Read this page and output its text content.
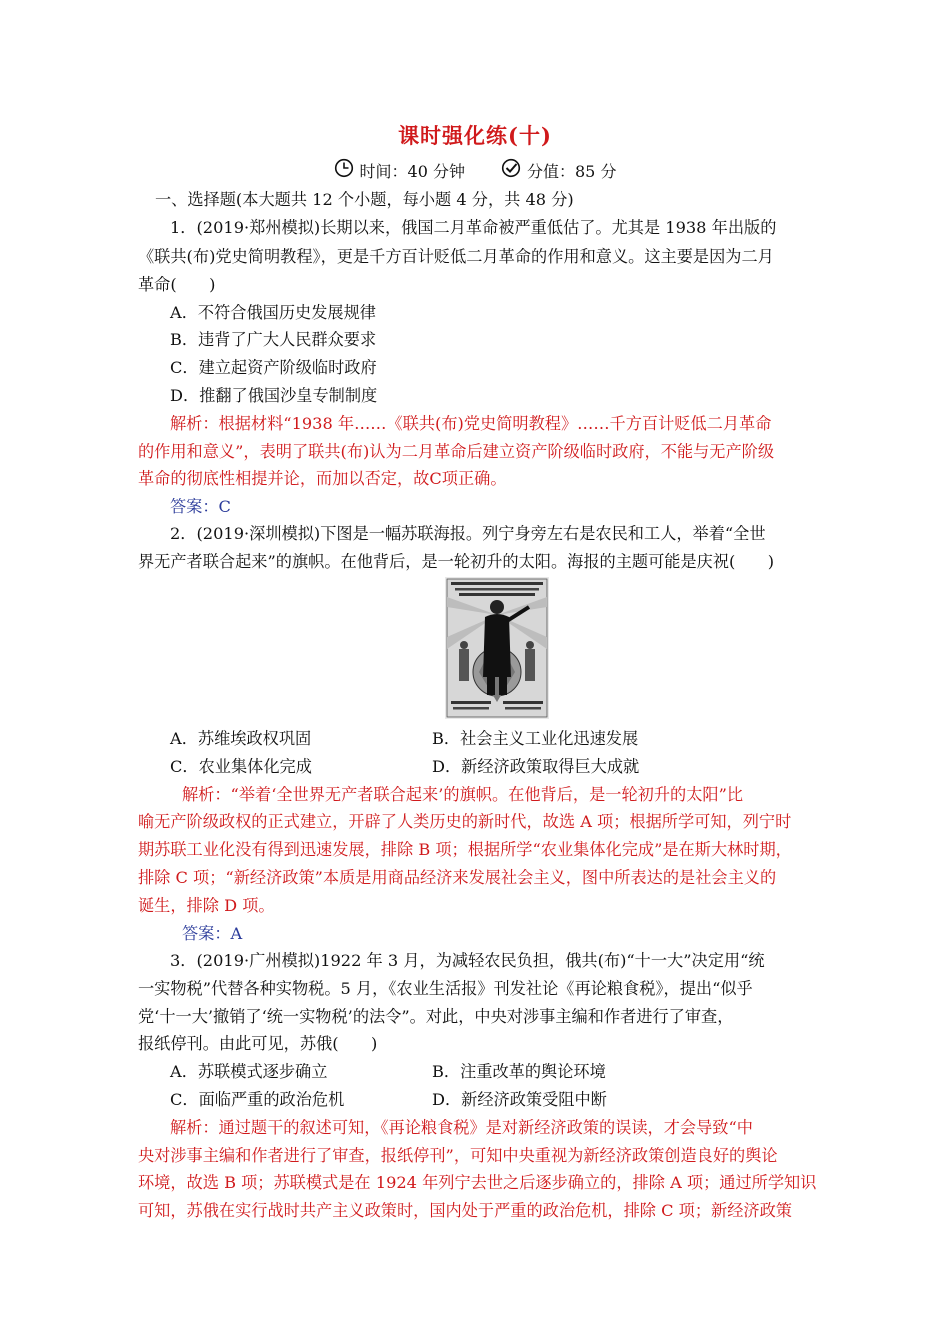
课时强化练(十)
时间：40 分钟	分值：85 分
一、选择题(本大题共 12 个小题，每小题 4 分，共 48 分)
1．(2019·郑州模拟)长期以来，俄国二月革命被严重低估了。尤其是 1938 年出版的
《联共(布)党史简明教程》，更是千方百计贬低二月革命的作用和意义。这主要是因为二月
革命(　　)
A．不符合俄国历史发展规律
B．违背了广大人民群众要求
C．建立起资产阶级临时政府
D．推翻了俄国沙皇专制制度
解析：根据材料“1938 年……《联共(布)党史简明教程》……千方百计贬低二月革命
的作用和意义”，表明了联共(布)认为二月革命后建立资产阶级临时政府，不能与无产阶级
革命的彻底性相提并论，而加以否定，故C项正确。
答案：C
2．(2019·深圳模拟)下图是一幅苏联海报。列宁身旁左右是农民和工人，举着“全世
界无产者联合起来”的旗帜。在他背后，是一轮初升的太阳。海报的主题可能是庆祝(　　)
A．苏维埃政权巩固	B．社会主义工业化迅速发展
C．农业集体化完成	D．新经济政策取得巨大成就
解析：“举着‘全世界无产者联合起来’的旗帜。在他背后，是一轮初升的太阳”比
喻无产阶级政权的正式建立，开辟了人类历史的新时代，故选 A 项；根据所学可知，列宁时
期苏联工业化没有得到迅速发展，排除 B 项；根据所学“农业集体化完成”是在斯大林时期，
排除 C 项；“新经济政策”本质是用商品经济来发展社会主义，图中所表达的是社会主义的
诞生，排除 D 项。
答案：A
3．(2019·广州模拟)1922 年 3 月，为减轻农民负担，俄共(布)“十一大”决定用“统
一实物税”代替各种实物税。5 月，《农业生活报》刊发社论《再论粮食税》，提出“似乎
党‘十一大’撤销了‘统一实物税’的法令”。对此，中央对涉事主编和作者进行了审查，
报纸停刊。由此可见，苏俄(　　)
A．苏联模式逐步确立	B．注重改革的舆论环境
C．面临严重的政治危机	D．新经济政策受阻中断
解析：通过题干的叙述可知，《再论粮食税》是对新经济政策的误读，才会导致“中
央对涉事主编和作者进行了审查，报纸停刊”，可知中央重视为新经济政策创造良好的舆论
环境，故选 B 项；苏联模式是在 1924 年列宁去世之后逐步确立的，排除 A 项；通过所学知识
可知，苏俄在实行战时共产主义政策时，国内处于严重的政治危机，排除 C 项；新经济政策
